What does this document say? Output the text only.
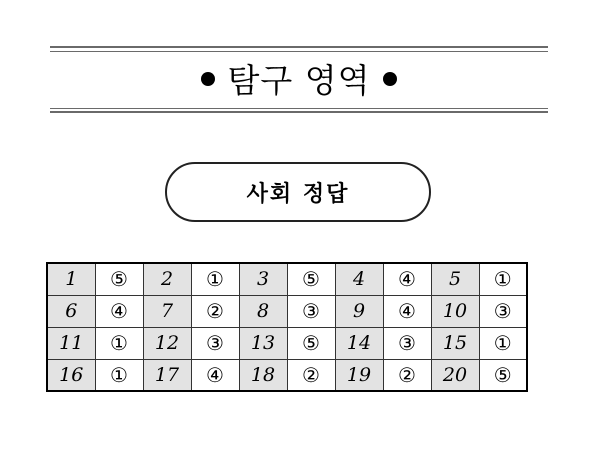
탐구 영역
사회 정답
1	⑤	2	①	3	⑤	4	④	5	①
6	④	7	②	8	③	9	④	10	③
11	①	12	③	13	⑤	14	③	15	①
16	①	17	④	18	②	19	②	20	⑤
